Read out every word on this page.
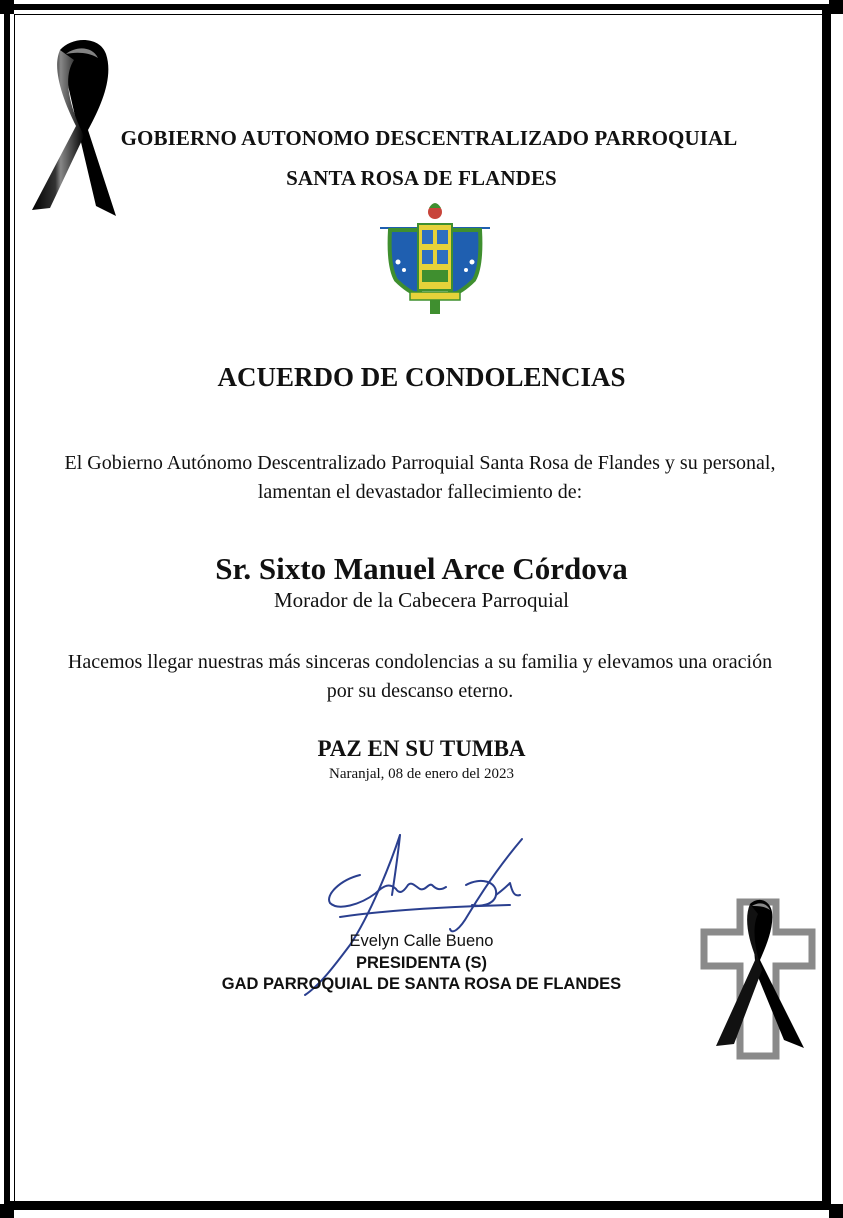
GOBIERNO AUTONOMO DESCENTRALIZADO PARROQUIAL
SANTA ROSA DE FLANDES
ACUERDO DE CONDOLENCIAS
El Gobierno Autónomo Descentralizado Parroquial Santa Rosa de Flandes y su personal, lamentan el devastador fallecimiento de:
Sr. Sixto Manuel Arce Córdova
Morador de la Cabecera Parroquial
Hacemos llegar nuestras más sinceras condolencias a su familia y elevamos una oración por su descanso eterno.
PAZ EN SU TUMBA
Naranjal, 08 de enero del 2023
Evelyn Calle Bueno
PRESIDENTA (S)
GAD PARROQUIAL DE SANTA ROSA DE FLANDES
